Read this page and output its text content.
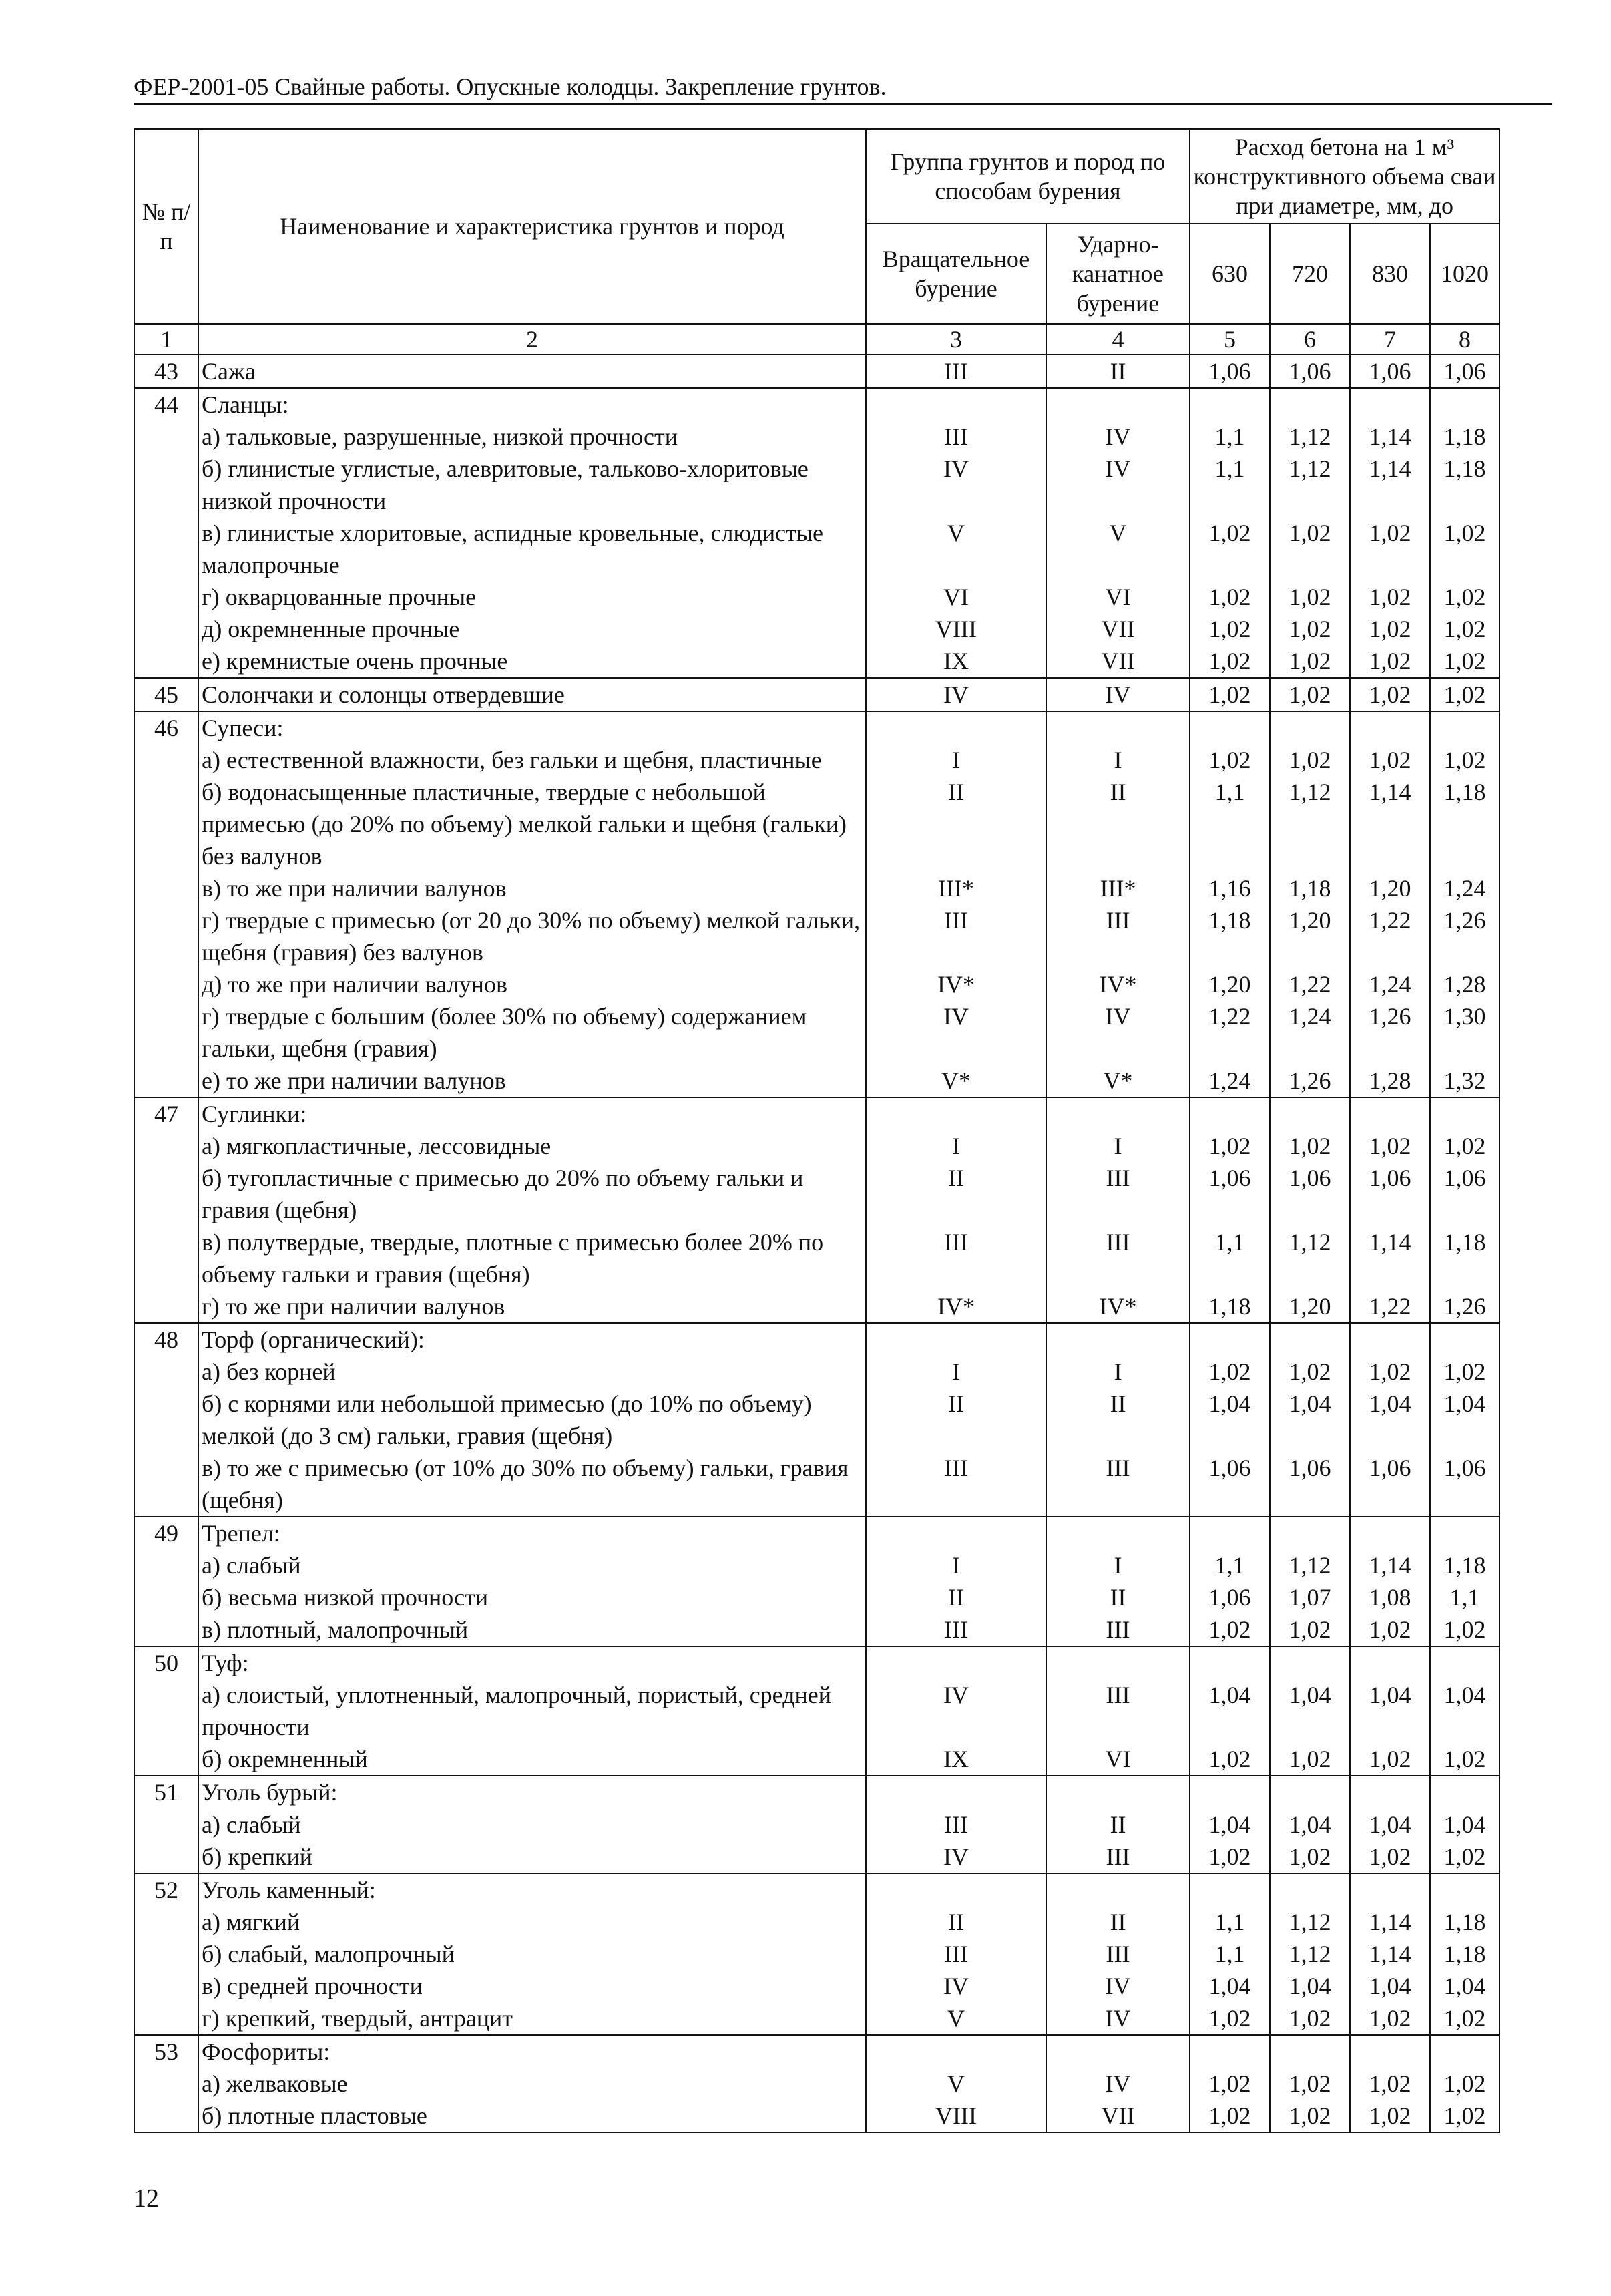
ФЕР-2001-05 Свайные работы. Опускные колодцы. Закрепление грунтов.
№ п/п	Наименование и характеристика грунтов и пород	Группа грунтов и пород по способам бурения		Расход бетона на 1 м³ конструктивного объема сваи при диаметре, мм, до			
		Вращательное бурение	Ударно-канатное бурение	630	720	830	1020
1	2	3	4	5	6	7	8
43	Сажа	III	II	1,06	1,06	1,06	1,06
44	Сланцы:						
	а) тальковые, разрушенные, низкой прочности	III	IV	1,1	1,12	1,14	1,18
	б) глинистые углистые, алевритовые, тальково-хлоритовые низкой прочности	IV	IV	1,1	1,12	1,14	1,18
	в) глинистые хлоритовые, аспидные кровельные, слюдистые малопрочные	V	V	1,02	1,02	1,02	1,02
	г) окварцованные прочные	VI	VI	1,02	1,02	1,02	1,02
	д) окремненные прочные	VIII	VII	1,02	1,02	1,02	1,02
	е) кремнистые очень прочные	IX	VII	1,02	1,02	1,02	1,02
45	Солончаки и солонцы отвердевшие	IV	IV	1,02	1,02	1,02	1,02
46	Супеси:						
	а) естественной влажности, без гальки и щебня, пластичные	I	I	1,02	1,02	1,02	1,02
	б) водонасыщенные пластичные, твердые с небольшой примесью (до 20% по объему) мелкой гальки и щебня (гальки) без валунов	II	II	1,1	1,12	1,14	1,18
	в) то же при наличии валунов	III*	III*	1,16	1,18	1,20	1,24
	г) твердые с примесью (от 20 до 30% по объему) мелкой гальки, щебня (гравия) без валунов	III	III	1,18	1,20	1,22	1,26
	д) то же при наличии валунов	IV*	IV*	1,20	1,22	1,24	1,28
	г) твердые с большим (более 30% по объему) содержанием гальки, щебня (гравия)	IV	IV	1,22	1,24	1,26	1,30
	е) то же при наличии валунов	V*	V*	1,24	1,26	1,28	1,32
47	Суглинки:						
	а) мягкопластичные, лессовидные	I	I	1,02	1,02	1,02	1,02
	б) тугопластичные с примесью до 20% по объему гальки и гравия (щебня)	II	III	1,06	1,06	1,06	1,06
	в) полутвердые, твердые, плотные с примесью более 20% по объему гальки и гравия (щебня)	III	III	1,1	1,12	1,14	1,18
	г) то же при наличии валунов	IV*	IV*	1,18	1,20	1,22	1,26
48	Торф (органический):						
	а) без корней	I	I	1,02	1,02	1,02	1,02
	б) с корнями или небольшой примесью (до 10% по объему) мелкой (до 3 см) гальки, гравия (щебня)	II	II	1,04	1,04	1,04	1,04
	в) то же с примесью (от 10% до 30% по объему) гальки, гравия (щебня)	III	III	1,06	1,06	1,06	1,06
49	Трепел:						
	а) слабый	I	I	1,1	1,12	1,14	1,18
	б) весьма низкой прочности	II	II	1,06	1,07	1,08	1,1
	в) плотный, малопрочный	III	III	1,02	1,02	1,02	1,02
50	Туф:						
	а) слоистый, уплотненный, малопрочный, пористый, средней прочности	IV	III	1,04	1,04	1,04	1,04
	б) окремненный	IX	VI	1,02	1,02	1,02	1,02
51	Уголь бурый:						
	а) слабый	III	II	1,04	1,04	1,04	1,04
	б) крепкий	IV	III	1,02	1,02	1,02	1,02
52	Уголь каменный:						
	а) мягкий	II	II	1,1	1,12	1,14	1,18
	б) слабый, малопрочный	III	III	1,1	1,12	1,14	1,18
	в) средней прочности	IV	IV	1,04	1,04	1,04	1,04
	г) крепкий, твердый, антрацит	V	IV	1,02	1,02	1,02	1,02
53	Фосфориты:						
	а) желваковые	V	IV	1,02	1,02	1,02	1,02
	б) плотные пластовые	VIII	VII	1,02	1,02	1,02	1,02
12
